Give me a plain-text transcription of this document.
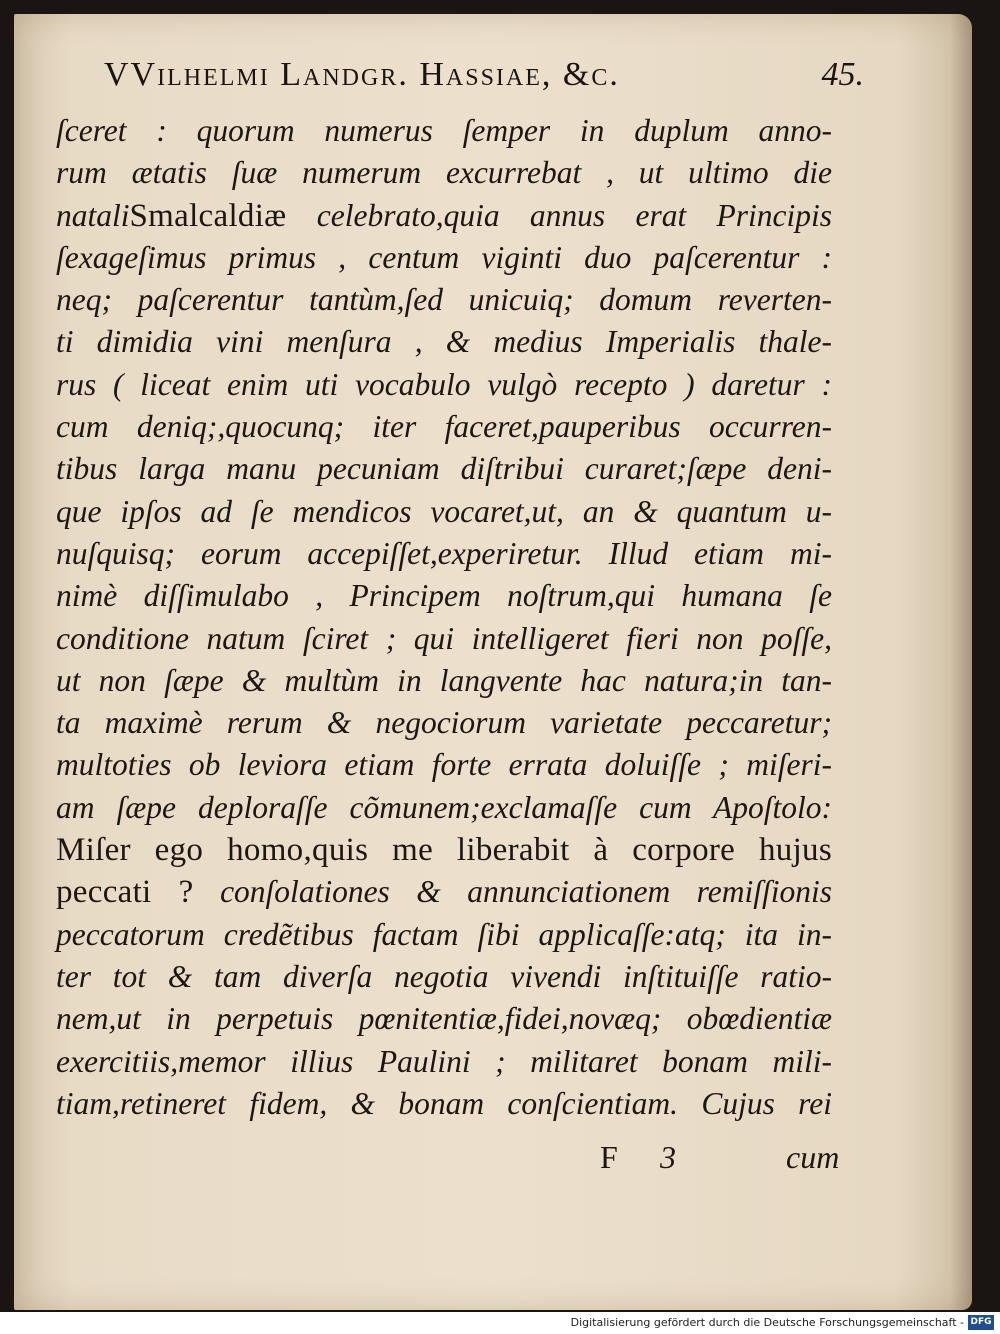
VVilhelmi Landgr. Hassiae, &c.	45.
ſceret : quorum numerus ſemper in duplum anno-
rum ætatis ſuæ numerum excurrebat , ut ultimo die
nataliSmalcaldiæ celebrato,quia annus erat Principis
ſexageſimus primus , centum viginti duo paſcerentur :
neq; paſcerentur tantùm,ſed unicuiq; domum reverten-
ti dimidia vini menſura , & medius Imperialis thale-
rus ( liceat enim uti vocabulo vulgò recepto ) daretur :
cum deniq;,quocunq; iter faceret,pauperibus occurren-
tibus larga manu pecuniam diſtribui curaret;ſæpe deni-
que ipſos ad ſe mendicos vocaret,ut, an & quantum u-
nuſquisq; eorum accepiſſet,experiretur. Illud etiam mi-
nimè diſſimulabo , Principem noſtrum,qui humana ſe
conditione natum ſciret ; qui intelligeret fieri non poſſe,
ut non ſæpe & multùm in langvente hac natura;in tan-
ta maximè rerum & negociorum varietate peccaretur;
multoties ob leviora etiam forte errata doluiſſe ; miſeri-
am ſæpe deploraſſe cõmunem;exclamaſſe cum Apoſtolo:
Miſer ego homo,quis me liberabit à corpore hujus
peccati ? conſolationes & annunciationem remiſſionis
peccatorum credẽtibus factam ſibi applicaſſe:atq; ita in-
ter tot & tam diverſa negotia vivendi inſtituiſſe ratio-
nem,ut in perpetuis pœnitentiæ,fidei,novæq; obœdientiæ
exercitiis,memor illius Paulini ; militaret bonam mili-
tiam,retineret fidem, & bonam conſcientiam. Cujus rei
F 3	cum
Digitalisierung gefördert durch die Deutsche Forschungsgemeinschaft - DFG
